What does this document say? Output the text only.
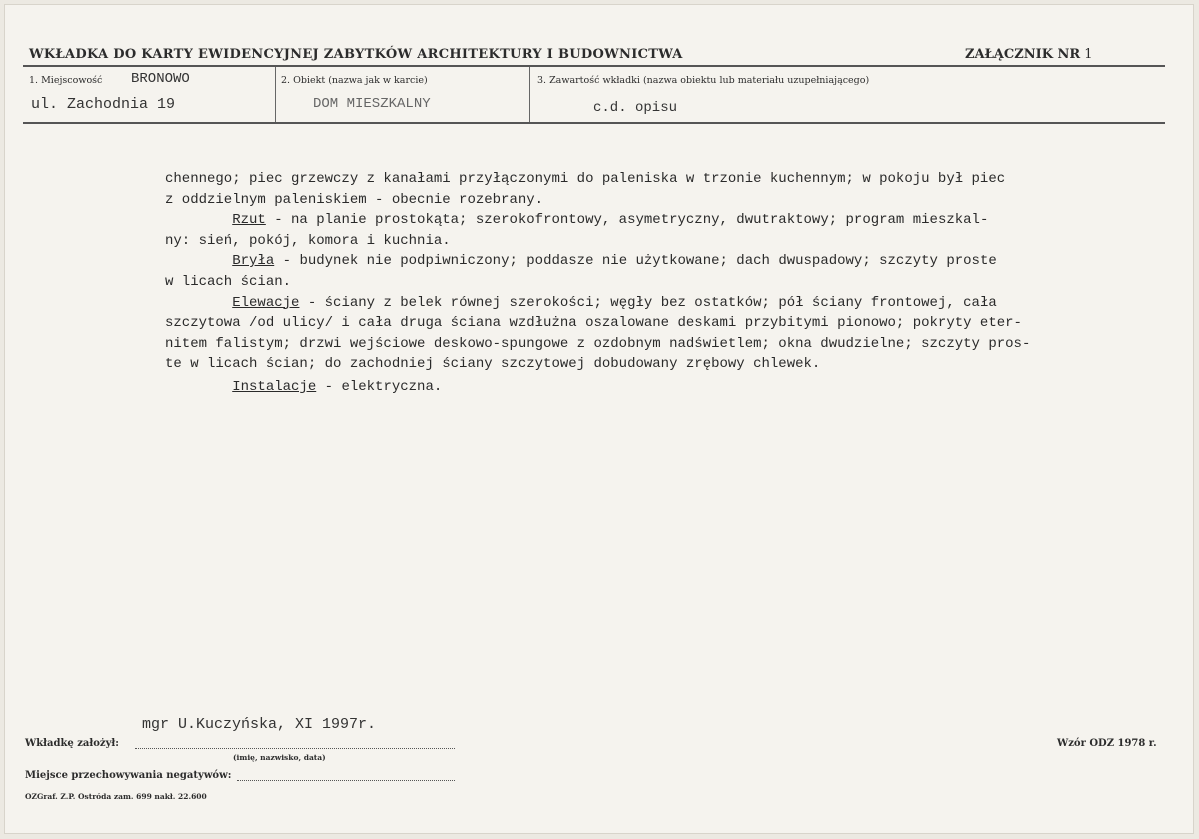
WKŁADKA DO KARTY EWIDENCYJNEJ ZABYTKÓW ARCHITEKTURY I BUDOWNICTWA	ZAŁĄCZNIK NR 1
1. Miejscowość BRONOWO
ul. Zachodnia 19
2. Obiekt (nazwa jak w karcie)
DOM MIESZKALNY
3. Zawartość wkładki (nazwa obiektu lub materiału uzupełniającego)
c.d. opisu

chennego; piec grzewczy z kanałami przyłączonymi do paleniska w trzonie kuchennym; w pokoju był piec

z oddzielnym paleniskiem - obecnie rozebrany.

Rzut - na planie prostokąta; szerokofrontowy, asymetryczny, dwutraktowy; program mieszkal-

ny: sień, pokój, komora i kuchnia.

Bryła - budynek nie podpiwniczony; poddasze nie użytkowane; dach dwuspadowy; szczyty proste

w licach ścian.

Elewacje - ściany z belek równej szerokości; węgły bez ostatków; pół ściany frontowej, cała

szczytowa /od ulicy/ i cała druga ściana wzdłużna oszalowane deskami przybitymi pionowo; pokryty eter-

nitem falistym; drzwi wejściowe deskowo-spungowe z ozdobnym nadświetlem; okna dwudzielne; szczyty pros-

te w licach ścian; do zachodniej ściany szczytowej dobudowany zrębowy chlewek.

Instalacje - elektryczna.

mgr U.Kuczyńska, XI 1997r.
Wkładkę założył:
(imię, nazwisko, data)
Wzór ODZ 1978 r.
Miejsce przechowywania negatywów:
OZGraf. Z.P. Ostróda zam. 699 nakł. 22.600
